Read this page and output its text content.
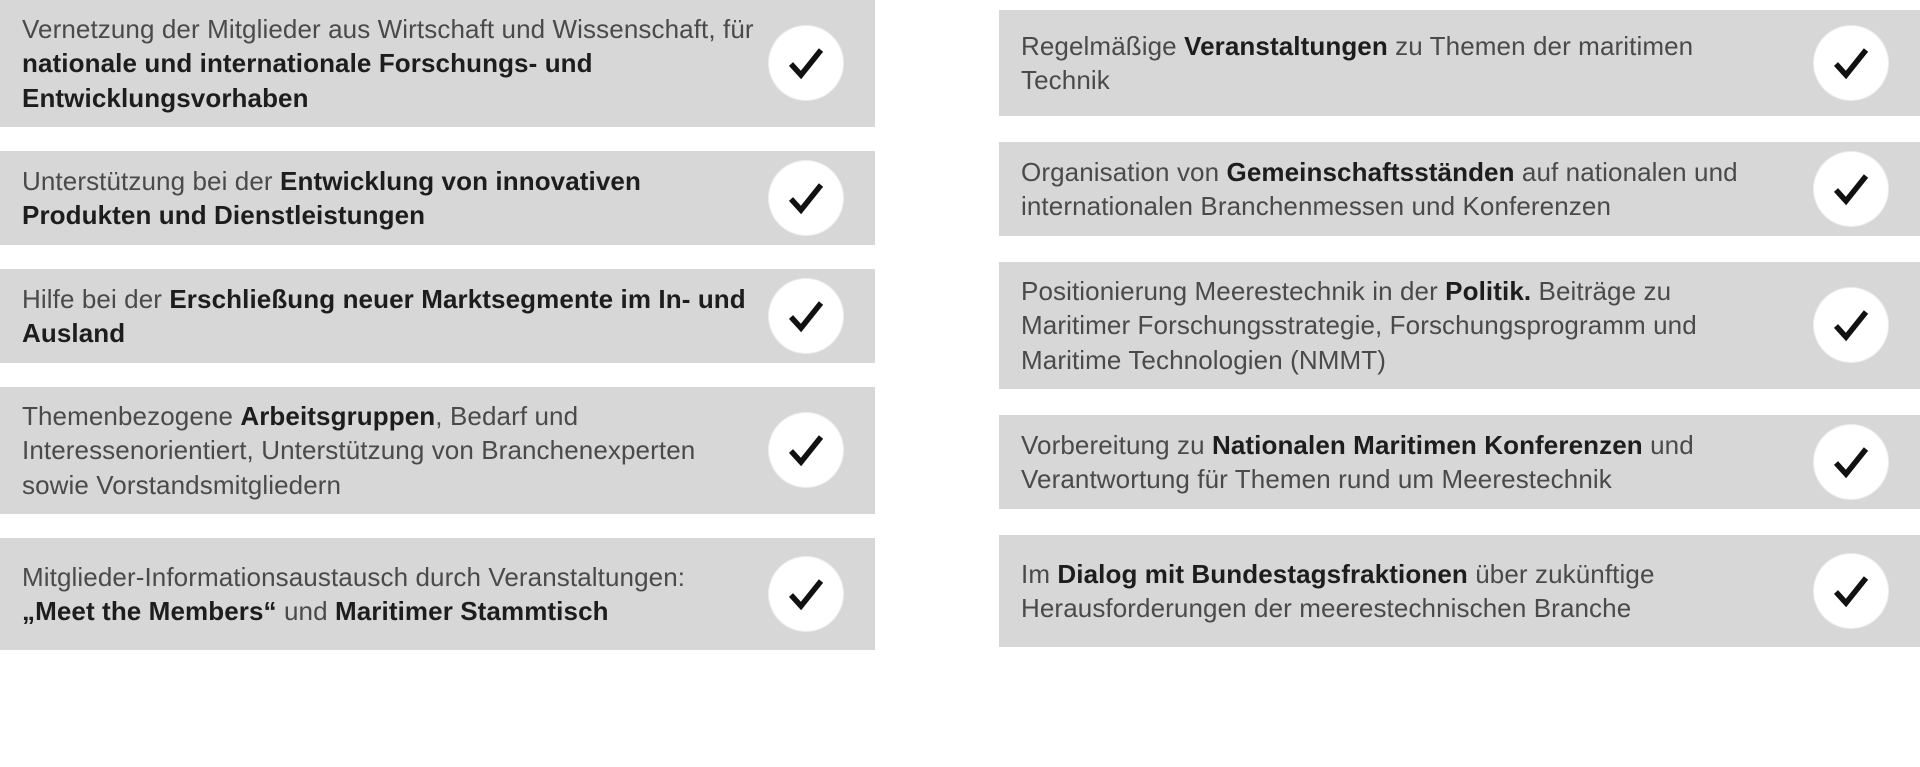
Vernetzung der Mitglieder aus Wirtschaft und Wissenschaft, für nationale und internationale Forschungs- und Entwicklungsvorhaben
Unterstützung bei der Entwicklung von innovativen Produkten und Dienstleistungen
Hilfe bei der Erschließung neuer Marktsegmente im In- und Ausland
Themenbezogene Arbeitsgruppen, Bedarf und Interessenorientiert, Unterstützung von Branchenexperten sowie Vorstandsmitgliedern
Mitglieder-Informationsaustausch durch Veranstaltungen: „Meet the Members“ und Maritimer Stammtisch
Regelmäßige Veranstaltungen zu Themen der maritimen Technik
Organisation von Gemeinschaftsständen auf nationalen und internationalen Branchenmessen und Konferenzen
Positionierung Meerestechnik in der Politik. Beiträge zu Maritimer Forschungsstrategie, Forschungsprogramm und Maritime Technologien (NMMT)
Vorbereitung zu Nationalen Maritimen Konferenzen und Verantwortung für Themen rund um Meerestechnik
Im Dialog mit Bundestagsfraktionen über zukünftige Herausforderungen der meerestechnischen Branche
